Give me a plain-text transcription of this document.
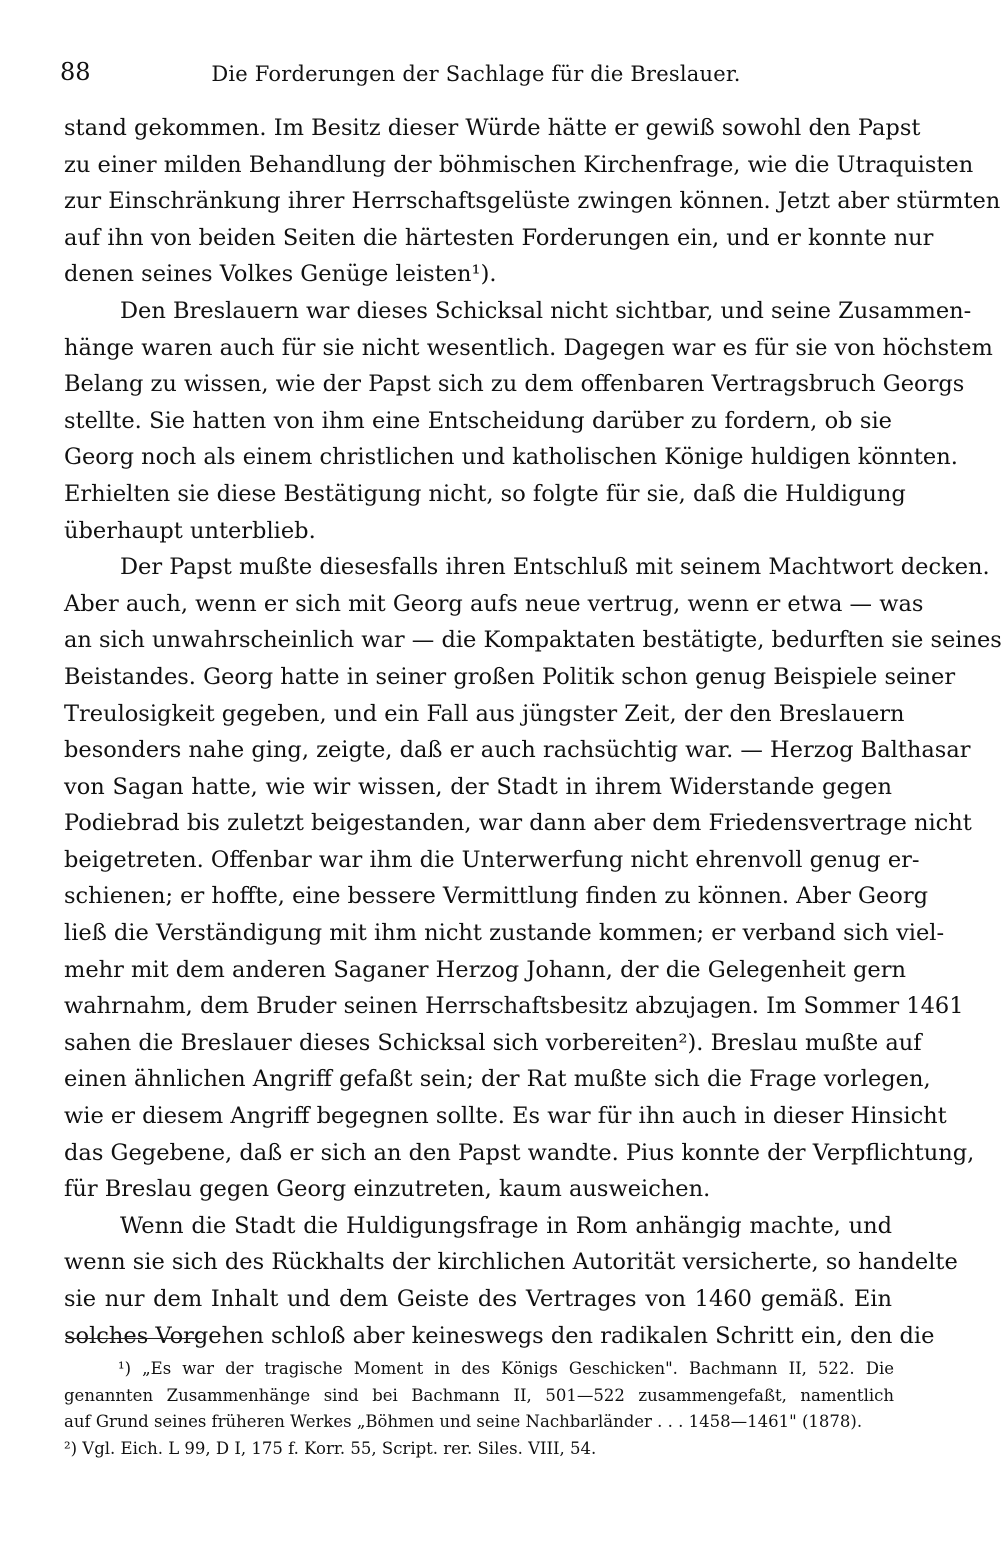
88	Die Forderungen der Sachlage für die Breslauer.
stand gekommen. Im Besitz dieser Würde hätte er gewiß sowohl den Papst
zu einer milden Behandlung der böhmischen Kirchenfrage, wie die Utraquisten
zur Einschränkung ihrer Herrschaftsgelüste zwingen können. Jetzt aber stürmten
auf ihn von beiden Seiten die härtesten Forderungen ein, und er konnte nur
denen seines Volkes Genüge leisten¹).
Den Breslauern war dieses Schicksal nicht sichtbar, und seine Zusammen-
hänge waren auch für sie nicht wesentlich. Dagegen war es für sie von höchstem
Belang zu wissen, wie der Papst sich zu dem offenbaren Vertragsbruch Georgs
stellte. Sie hatten von ihm eine Entscheidung darüber zu fordern, ob sie
Georg noch als einem christlichen und katholischen Könige huldigen könnten.
Erhielten sie diese Bestätigung nicht, so folgte für sie, daß die Huldigung
überhaupt unterblieb.
Der Papst mußte diesesfalls ihren Entschluß mit seinem Machtwort decken.
Aber auch, wenn er sich mit Georg aufs neue vertrug, wenn er etwa — was
an sich unwahrscheinlich war — die Kompaktaten bestätigte, bedurften sie seines
Beistandes. Georg hatte in seiner großen Politik schon genug Beispiele seiner
Treulosigkeit gegeben, und ein Fall aus jüngster Zeit, der den Breslauern
besonders nahe ging, zeigte, daß er auch rachsüchtig war. — Herzog Balthasar
von Sagan hatte, wie wir wissen, der Stadt in ihrem Widerstande gegen
Podiebrad bis zuletzt beigestanden, war dann aber dem Friedensvertrage nicht
beigetreten. Offenbar war ihm die Unterwerfung nicht ehrenvoll genug er-
schienen; er hoffte, eine bessere Vermittlung finden zu können. Aber Georg
ließ die Verständigung mit ihm nicht zustande kommen; er verband sich viel-
mehr mit dem anderen Saganer Herzog Johann, der die Gelegenheit gern
wahrnahm, dem Bruder seinen Herrschaftsbesitz abzujagen. Im Sommer 1461
sahen die Breslauer dieses Schicksal sich vorbereiten²). Breslau mußte auf
einen ähnlichen Angriff gefaßt sein; der Rat mußte sich die Frage vorlegen,
wie er diesem Angriff begegnen sollte. Es war für ihn auch in dieser Hinsicht
das Gegebene, daß er sich an den Papst wandte. Pius konnte der Verpflichtung,
für Breslau gegen Georg einzutreten, kaum ausweichen.
Wenn die Stadt die Huldigungsfrage in Rom anhängig machte, und
wenn sie sich des Rückhalts der kirchlichen Autorität versicherte, so handelte
sie nur dem Inhalt und dem Geiste des Vertrages von 1460 gemäß. Ein
solches Vorgehen schloß aber keineswegs den radikalen Schritt ein, den die
¹) „Es war der tragische Moment in des Königs Geschicken". Bachmann II, 522. Die
genannten Zusammenhänge sind bei Bachmann II, 501—522 zusammengefaßt, namentlich
auf Grund seines früheren Werkes „Böhmen und seine Nachbarländer . . . 1458—1461" (1878).
²) Vgl. Eich. L 99, D I, 175 f. Korr. 55, Script. rer. Siles. VIII, 54.
